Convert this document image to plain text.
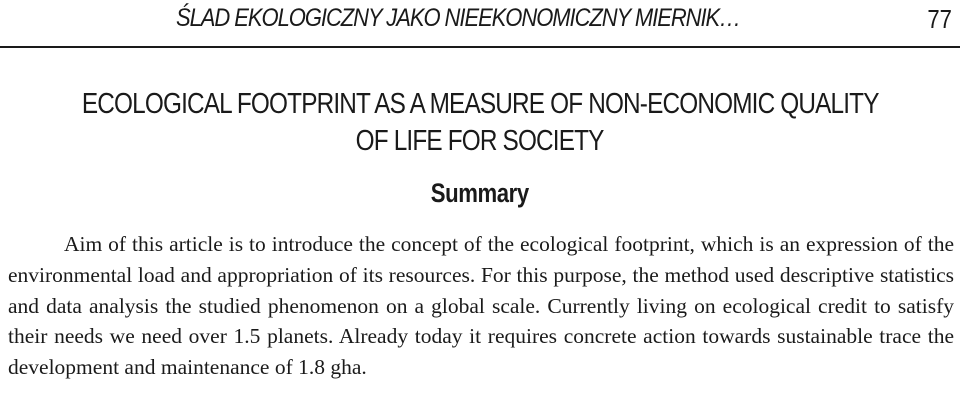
ŚLAD EKOLOGICZNY JAKO NIEEKONOMICZNY MIERNIK…	77
ECOLOGICAL FOOTPRINT AS A MEASURE OF NON-ECONOMIC QUALITY
OF LIFE FOR SOCIETY
Summary

Aim of this article is to introduce the concept of the ecological footprint, which is an expression of the environmental load and appropriation of its resources. For this purpose, the method used descriptive statistics and data analysis the studied phenomenon on a global scale. Currently living on ecological credit to satisfy their needs we need over 1.5 planets. Already today it requires concrete action towards sustainable trace the development and maintenance of 1.8 gha.
